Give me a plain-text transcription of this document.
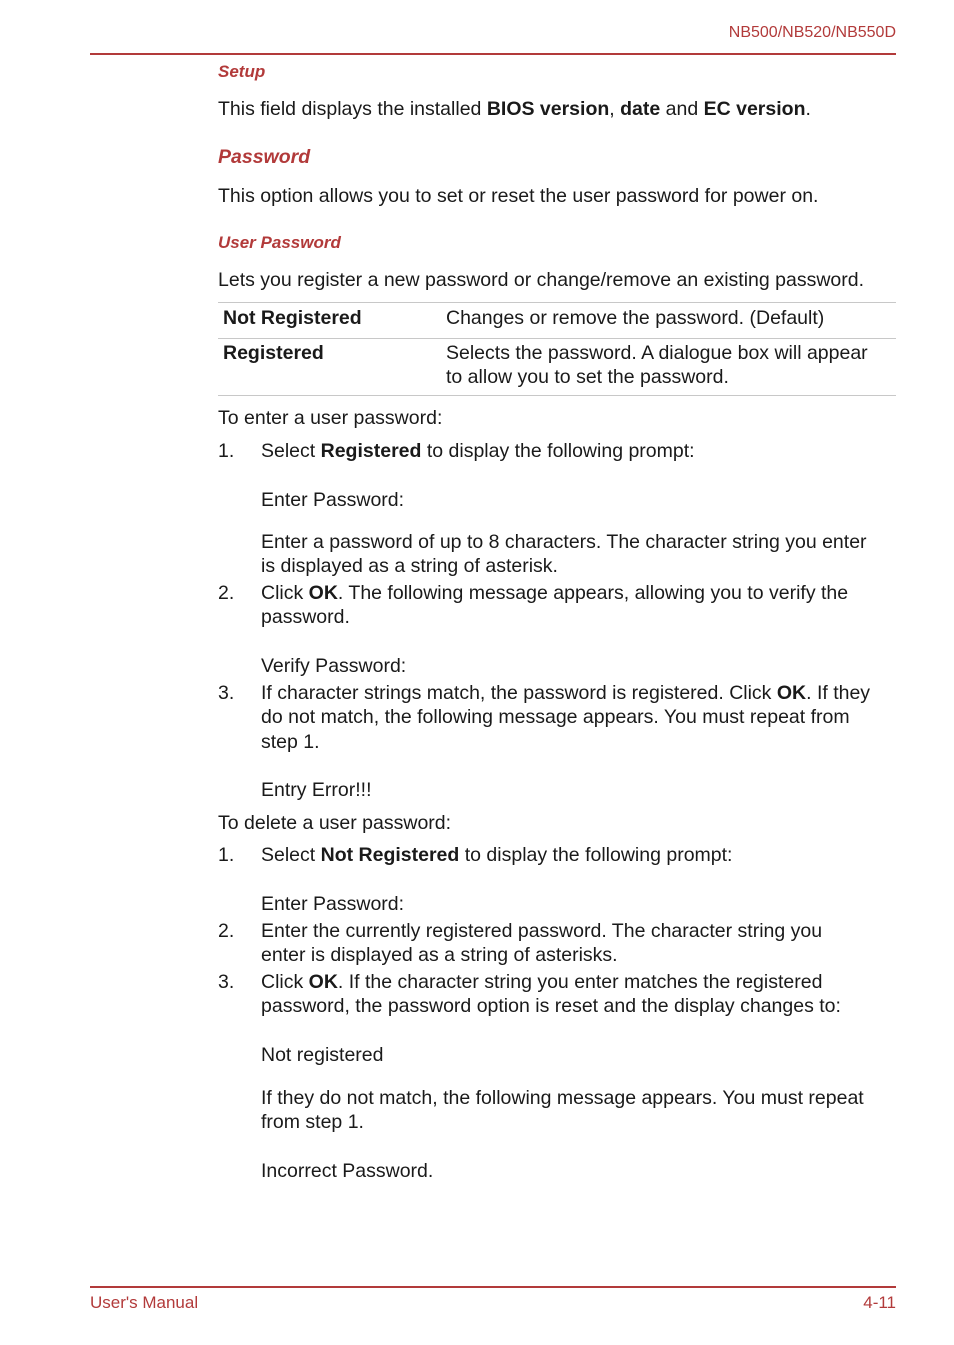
NB500/NB520/NB550D
Setup
This field displays the installed BIOS version, date and EC version.
Password
This option allows you to set or reset the user password for power on.
User Password
Lets you register a new password or change/remove an existing password.
Not Registered	Changes or remove the password. (Default)
Registered	Selects the password. A dialogue box will appear
to allow you to set the password.
To enter a user password:
1. Select Registered to display the following prompt:
Enter Password:
Enter a password of up to 8 characters. The character string you enter
is displayed as a string of asterisk.
2. Click OK. The following message appears, allowing you to verify the
password.
Verify Password:
3. If character strings match, the password is registered. Click OK. If they
do not match, the following message appears. You must repeat from
step 1.
Entry Error!!!
To delete a user password:
1. Select Not Registered to display the following prompt:
Enter Password:
2. Enter the currently registered password. The character string you
enter is displayed as a string of asterisks.
3. Click OK. If the character string you enter matches the registered
password, the password option is reset and the display changes to:
Not registered
If they do not match, the following message appears. You must repeat
from step 1.
Incorrect Password.
User's Manual	4-11
